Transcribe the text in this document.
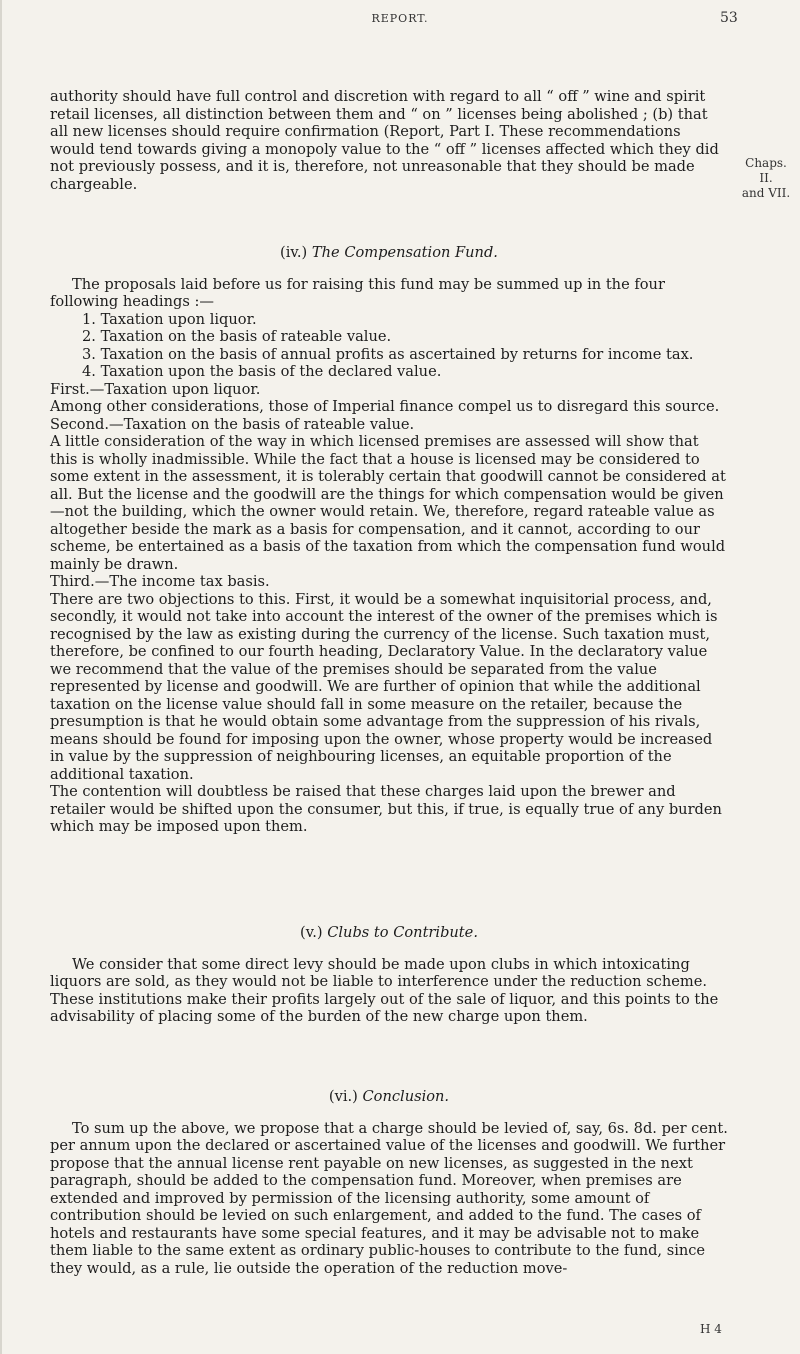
REPORT.	53
Chaps. II.
and VII.

authority should have full control and discretion with regard to all “ off ” wine and spirit retail licenses, all distinction between them and “ on ” licenses being abolished ; (b) that all new licenses should require confirmation (Report, Part I. These recommendations would tend towards giving a monopoly value to the “ off ” licenses affected which they did not previously possess, and it is, therefore, not unreasonable that they should be made chargeable.

(iv.) The Compensation Fund.

The proposals laid before us for raising this fund may be summed up in the four following headings :—

1. Taxation upon liquor.
2. Taxation on the basis of rateable value.
3. Taxation on the basis of annual profits as ascertained by returns for income tax.
4. Taxation upon the basis of the declared value.

First.—Taxation upon liquor.

Among other considerations, those of Imperial finance compel us to disregard this source.

Second.—Taxation on the basis of rateable value.

A little consideration of the way in which licensed premises are assessed will show that this is wholly inadmissible. While the fact that a house is licensed may be considered to some extent in the assessment, it is tolerably certain that goodwill cannot be considered at all. But the license and the goodwill are the things for which compensation would be given—not the building, which the owner would retain. We, therefore, regard rateable value as altogether beside the mark as a basis for compensation, and it cannot, according to our scheme, be entertained as a basis of the taxation from which the compensation fund would mainly be drawn.

Third.—The income tax basis.

There are two objections to this. First, it would be a somewhat inquisitorial process, and, secondly, it would not take into account the interest of the owner of the premises which is recognised by the law as existing during the currency of the license. Such taxation must, therefore, be confined to our fourth heading, Declaratory Value. In the declaratory value we recommend that the value of the premises should be separated from the value represented by license and goodwill. We are further of opinion that while the additional taxation on the license value should fall in some measure on the retailer, because the presumption is that he would obtain some advantage from the suppression of his rivals, means should be found for imposing upon the owner, whose property would be increased in value by the suppression of neighbouring licenses, an equitable proportion of the additional taxation.

The contention will doubtless be raised that these charges laid upon the brewer and retailer would be shifted upon the consumer, but this, if true, is equally true of any burden which may be imposed upon them.

(v.) Clubs to Contribute.

We consider that some direct levy should be made upon clubs in which intoxicating liquors are sold, as they would not be liable to interference under the reduction scheme. These institutions make their profits largely out of the sale of liquor, and this points to the advisability of placing some of the burden of the new charge upon them.

(vi.) Conclusion.

To sum up the above, we propose that a charge should be levied of, say, 6s. 8d. per cent. per annum upon the declared or ascertained value of the licenses and goodwill. We further propose that the annual license rent payable on new licenses, as suggested in the next paragraph, should be added to the compensation fund. Moreover, when premises are extended and improved by permission of the licensing authority, some amount of contribution should be levied on such enlargement, and added to the fund. The cases of hotels and restaurants have some special features, and it may be advisable not to make them liable to the same extent as ordinary public-houses to contribute to the fund, since they would, as a rule, lie outside the operation of the reduction move-

H 4
